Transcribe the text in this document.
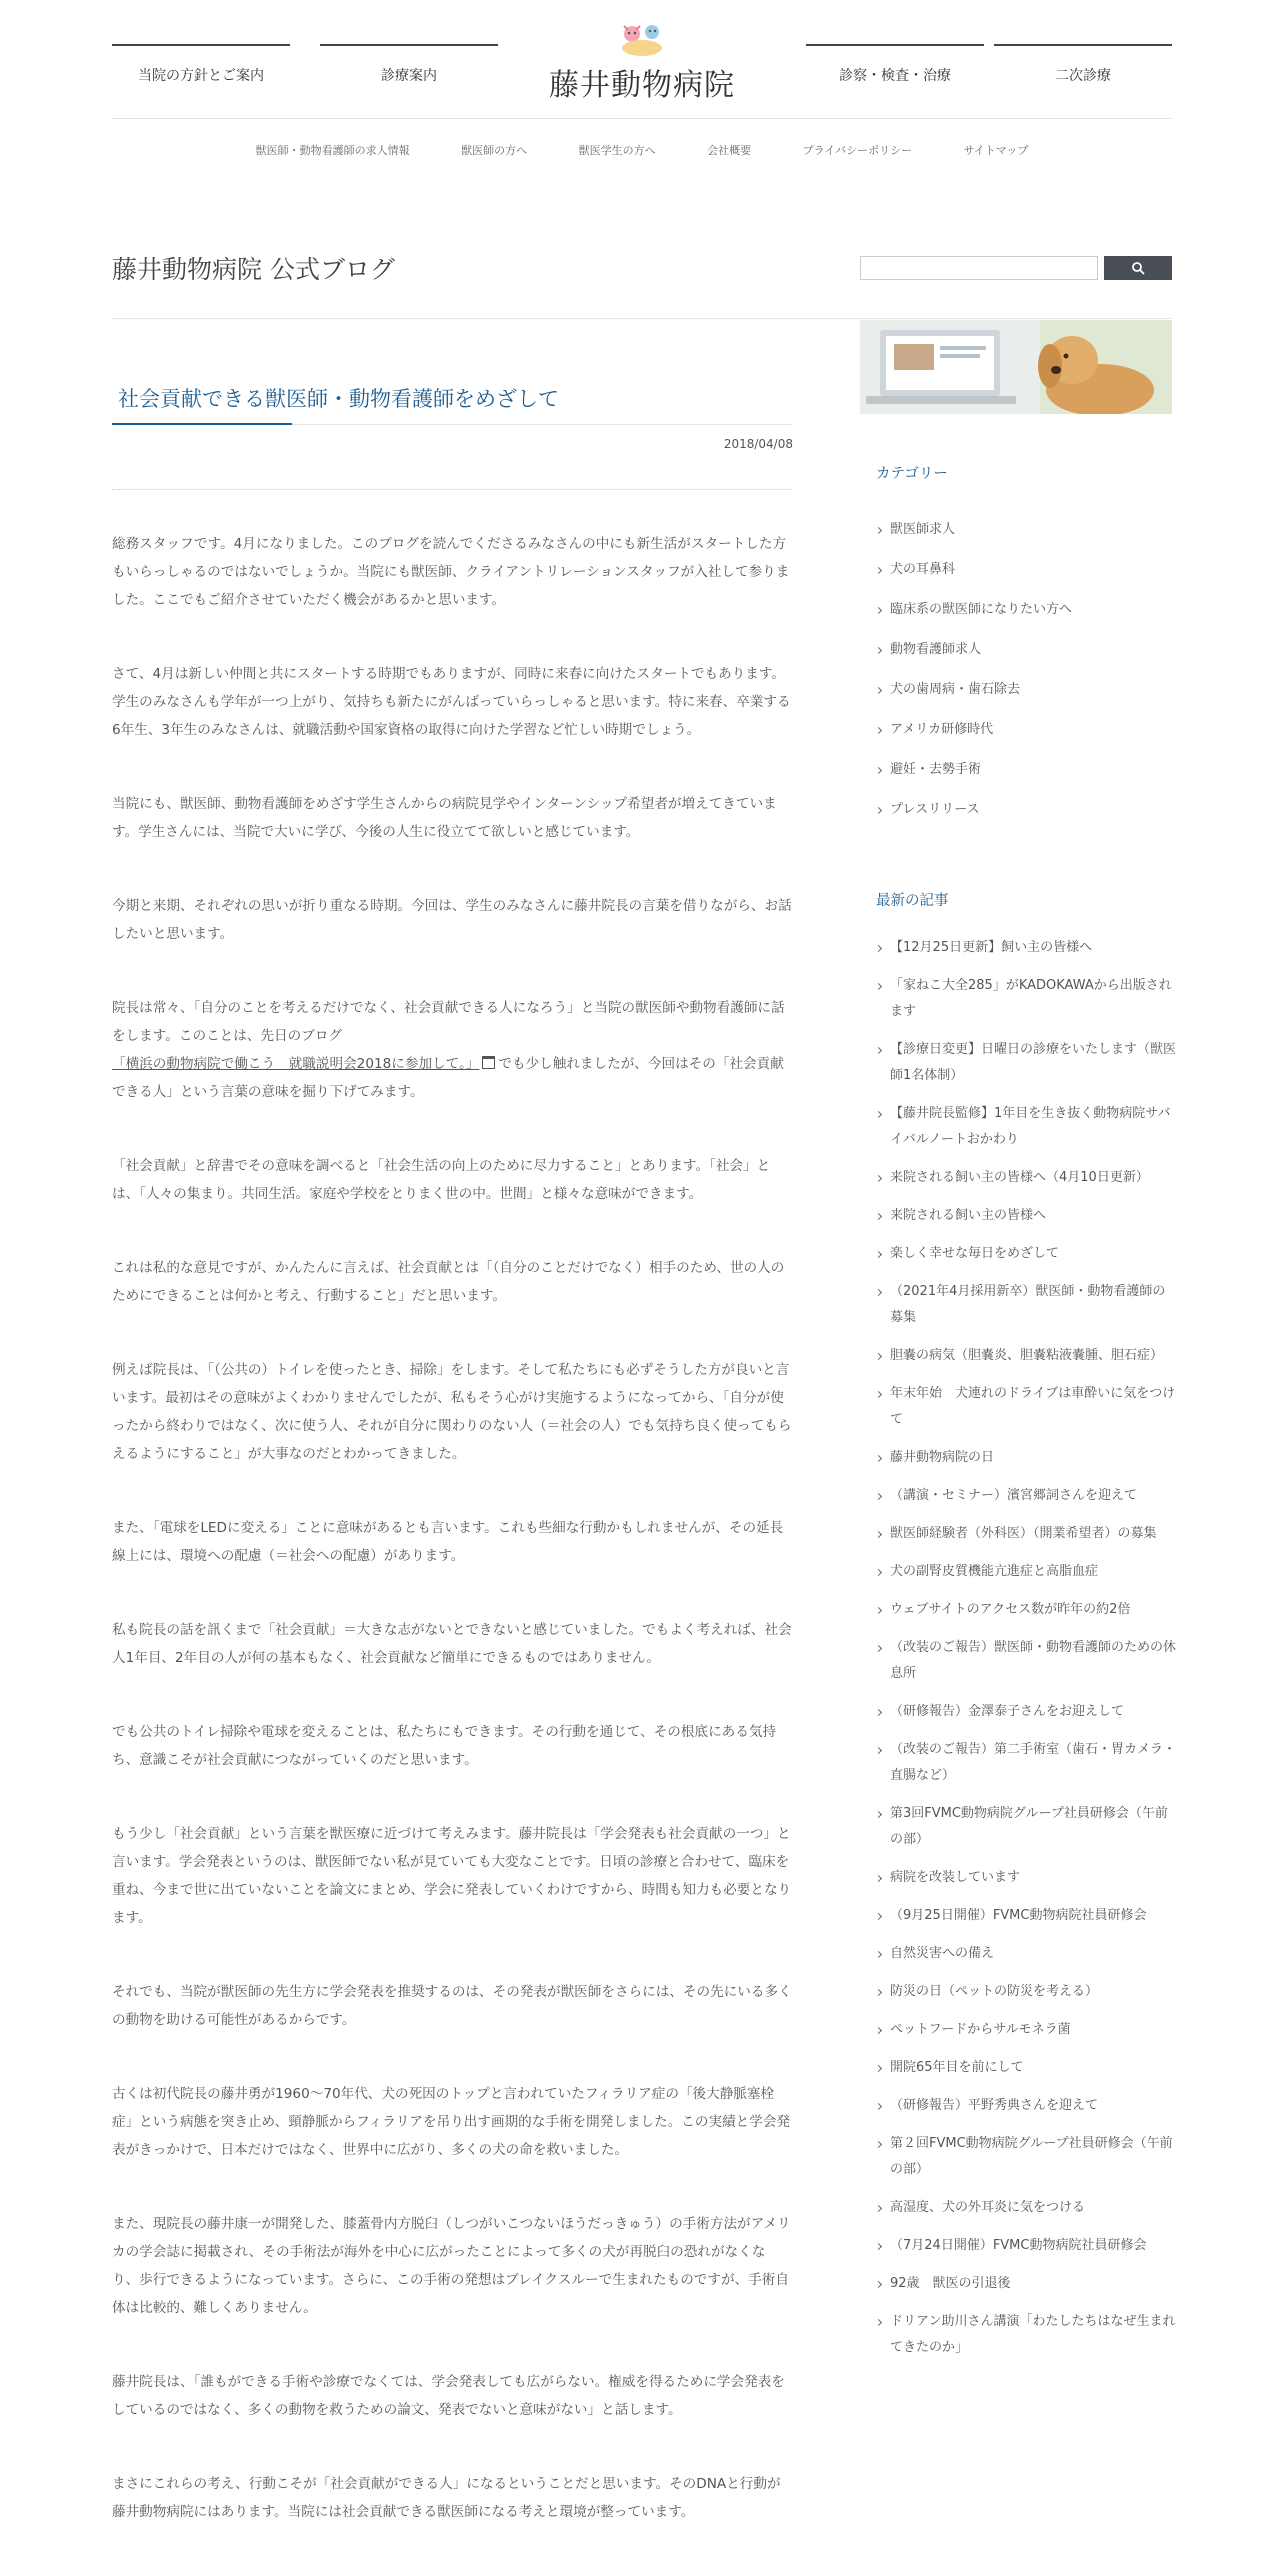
当院の方針とご案内	診療案内	藤井動物病院	診察・検査・治療	二次診療
獣医師・動物看護師の求人情報	獣医師の方へ	獣医学生の方へ	会社概要	プライバシーポリシー	サイトマップ
藤井動物病院 公式ブログ
社会貢献できる獣医師・動物看護師をめざして
2018/04/08

総務スタッフです。4月になりました。このブログを読んでくださるみなさんの中にも新生活がスタートした方もいらっしゃるのではないでしょうか。当院にも獣医師、クライアントリレーションスタッフが入社して参りました。ここでもご紹介させていただく機会があるかと思います。

さて、4月は新しい仲間と共にスタートする時期でもありますが、同時に来春に向けたスタートでもあります。学生のみなさんも学年が一つ上がり、気持ちも新たにがんばっていらっしゃると思います。特に来春、卒業する6年生、3年生のみなさんは、就職活動や国家資格の取得に向けた学習など忙しい時期でしょう。

当院にも、獣医師、動物看護師をめざす学生さんからの病院見学やインターンシップ希望者が増えてきています。学生さんには、当院で大いに学び、今後の人生に役立てて欲しいと感じています。

今期と来期、それぞれの思いが折り重なる時期。今回は、学生のみなさんに藤井院長の言葉を借りながら、お話したいと思います。

院長は常々、「自分のことを考えるだけでなく、社会貢献できる人になろう」と当院の獣医師や動物看護師に話をします。このことは、先日のブログ
「横浜の動物病院で働こう　就職説明会2018に参加して。」 でも少し触れましたが、今回はその「社会貢献できる人」という言葉の意味を掘り下げてみます。

「社会貢献」と辞書でその意味を調べると「社会生活の向上のために尽力すること」とあります。「社会」とは、「人々の集まり。共同生活。家庭や学校をとりまく世の中。世間」と様々な意味ができます。

これは私的な意見ですが、かんたんに言えば、社会貢献とは「（自分のことだけでなく）相手のため、世の人のためにできることは何かと考え、行動すること」だと思います。

例えば院長は、「（公共の）トイレを使ったとき、掃除」をします。そして私たちにも必ずそうした方が良いと言います。最初はその意味がよくわかりませんでしたが、私もそう心がけ実施するようになってから、「自分が使ったから終わりではなく、次に使う人、それが自分に関わりのない人（＝社会の人）でも気持ち良く使ってもらえるようにすること」が大事なのだとわかってきました。

また、「電球をLEDに変える」ことに意味があるとも言います。これも些細な行動かもしれませんが、その延長線上には、環境への配慮（＝社会への配慮）があります。

私も院長の話を訊くまで「社会貢献」＝大きな志がないとできないと感じていました。でもよく考えれば、社会人1年目、2年目の人が何の基本もなく、社会貢献など簡単にできるものではありません。

でも公共のトイレ掃除や電球を変えることは、私たちにもできます。その行動を通じて、その根底にある気持ち、意識こそが社会貢献につながっていくのだと思います。

もう少し「社会貢献」という言葉を獣医療に近づけて考えみます。藤井院長は「学会発表も社会貢献の一つ」と言います。学会発表というのは、獣医師でない私が見ていても大変なことです。日頃の診療と合わせて、臨床を重ね、今まで世に出ていないことを論文にまとめ、学会に発表していくわけですから、時間も知力も必要となります。

それでも、当院が獣医師の先生方に学会発表を推奨するのは、その発表が獣医師をさらには、その先にいる多くの動物を助ける可能性があるからです。

古くは初代院長の藤井勇が1960〜70年代、犬の死因のトップと言われていたフィラリア症の「後大静脈塞栓症」という病態を突き止め、頸静脈からフィラリアを吊り出す画期的な手術を開発しました。この実績と学会発表がきっかけで、日本だけではなく、世界中に広がり、多くの犬の命を救いました。

また、現院長の藤井康一が開発した、膝蓋骨内方脱臼（しつがいこつないほうだっきゅう）の手術方法がアメリカの学会誌に掲載され、その手術法が海外を中心に広がったことによって多くの犬が再脱臼の恐れがなくなり、歩行できるようになっています。さらに、この手術の発想はブレイクスルーで生まれたものですが、手術自体は比較的、難しくありません。

藤井院長は、「誰もができる手術や診療でなくては、学会発表しても広がらない。権威を得るために学会発表をしているのではなく、多くの動物を救うための論文、発表でないと意味がない」と話します。

まさにこれらの考え、行動こそが「社会貢献ができる人」になるということだと思います。そのDNAと行動が藤井動物病院にはあります。当院には社会貢献できる獣医師になる考えと環境が整っています。

カテゴリー
獣医師求人
犬の耳鼻科
臨床系の獣医師になりたい方へ
動物看護師求人
犬の歯周病・歯石除去
アメリカ研修時代
避妊・去勢手術
プレスリリース
最新の記事
【12月25日更新】飼い主の皆様へ
「家ねこ大全285」がKADOKAWAから出版されます
【診療日変更】日曜日の診療をいたします（獣医師1名体制）
【藤井院長監修】1年目を生き抜く動物病院サバイバルノートおかわり
来院される飼い主の皆様へ（4月10日更新）
来院される飼い主の皆様へ
楽しく幸せな毎日をめざして
（2021年4月採用新卒）獣医師・動物看護師の募集
胆嚢の病気（胆嚢炎、胆嚢粘液嚢腫、胆石症）
年末年始　犬連れのドライブは車酔いに気をつけて
藤井動物病院の日
（講演・セミナー）濱宮郷詞さんを迎えて
獣医師経験者（外科医）（開業希望者）の募集
犬の副腎皮質機能亢進症と高脂血症
ウェブサイトのアクセス数が昨年の約2倍
（改装のご報告）獣医師・動物看護師のための休息所
（研修報告）金澤泰子さんをお迎えして
（改装のご報告）第二手術室（歯石・胃カメラ・直腸など）
第3回FVMC動物病院グループ社員研修会（午前の部）
病院を改装しています
（9月25日開催）FVMC動物病院社員研修会
自然災害への備え
防災の日（ペットの防災を考える）
ペットフードからサルモネラ菌
開院65年目を前にして
（研修報告）平野秀典さんを迎えて
第２回FVMC動物病院グループ社員研修会（午前の部）
高湿度、犬の外耳炎に気をつける
（7月24日開催）FVMC動物病院社員研修会
92歳　獣医の引退後
ドリアン助川さん講演「わたしたちはなぜ生まれてきたのか」
